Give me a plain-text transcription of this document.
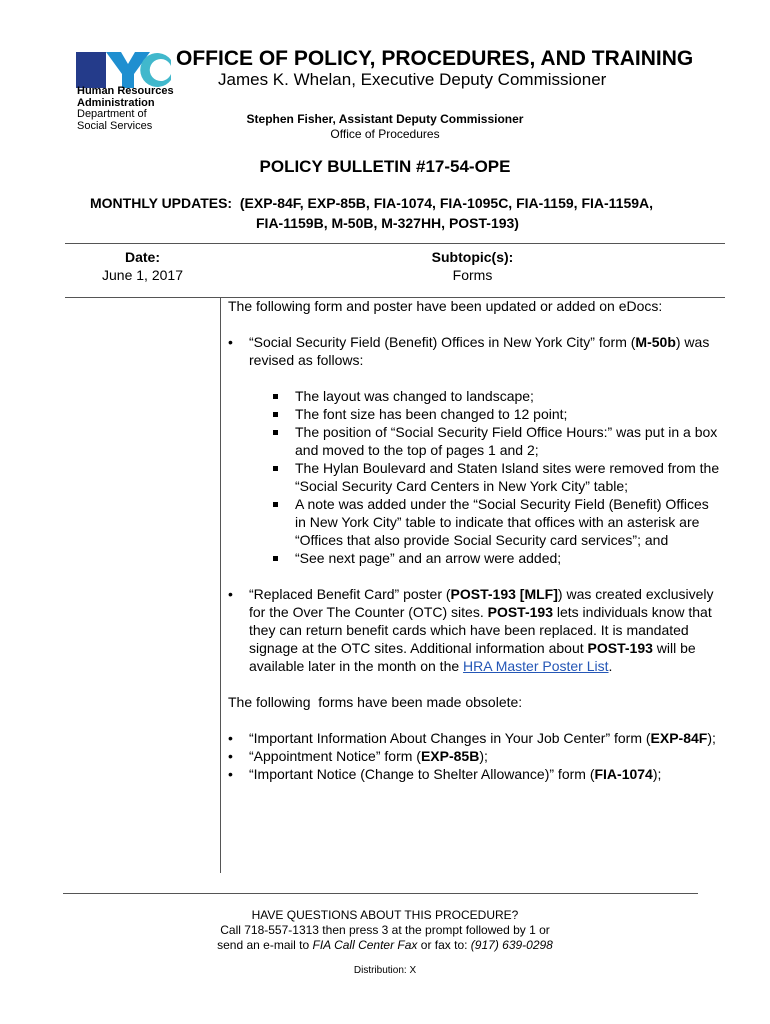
Human Resources
Administration
Department of
Social Services
OFFICE OF POLICY, PROCEDURES, AND TRAINING
James K. Whelan, Executive Deputy Commissioner
Stephen Fisher, Assistant Deputy Commissioner
Office of Procedures
POLICY BULLETIN #17-54-OPE
MONTHLY UPDATES:  (EXP-84F, EXP-85B, FIA-1074, FIA-1095C, FIA-1159, FIA-1159A,
FIA-1159B, M-50B, M-327HH, POST-193)
Date:
June 1, 2017
Subtopic(s):
Forms

The following form and poster have been updated or added on eDocs:

• “Social Security Field (Benefit) Offices in New York City” form (M-50b) was revised as follows:
The layout was changed to landscape;
The font size has been changed to 12 point;
The position of “Social Security Field Office Hours:” was put in a box and moved to the top of pages 1 and 2;
The Hylan Boulevard and Staten Island sites were removed from the “Social Security Card Centers in New York City” table;
A note was added under the “Social Security Field (Benefit) Offices in New York City” table to indicate that offices with an asterisk are “Offices that also provide Social Security card services”; and
“See next page” and an arrow were added;
• “Replaced Benefit Card” poster (POST-193 [MLF]) was created exclusively for the Over The Counter (OTC) sites. POST-193 lets individuals know that they can return benefit cards which have been replaced. It is mandated signage at the OTC sites. Additional information about POST-193 will be available later in the month on the HRA Master Poster List.

The following  forms have been made obsolete:

• “Important Information About Changes in Your Job Center” form (EXP-84F);
• “Appointment Notice” form (EXP-85B);
• “Important Notice (Change to Shelter Allowance)” form (FIA-1074);
HAVE QUESTIONS ABOUT THIS PROCEDURE?
Call 718-557-1313 then press 3 at the prompt followed by 1 or
send an e-mail to FIA Call Center Fax or fax to: (917) 639-0298
Distribution: X
